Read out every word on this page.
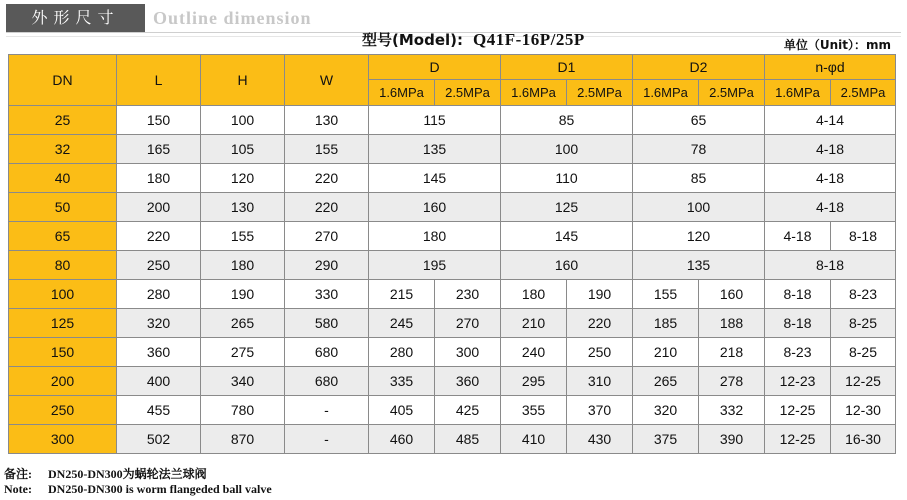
外形尺寸	Outline dimension
型号(Model): Q41F-16P/25P	单位（Unit）：mm
DN	L	H	W	D		D1		D2		n-φd	
				1.6MPa	2.5MPa	1.6MPa	2.5MPa	1.6MPa	2.5MPa	1.6MPa	2.5MPa
25	150	100	130	115		85		65		4-14	
32	165	105	155	135		100		78		4-18	
40	180	120	220	145		110		85		4-18	
50	200	130	220	160		125		100		4-18	
65	220	155	270	180		145		120		4-18	8-18
80	250	180	290	195		160		135		8-18	
100	280	190	330	215	230	180	190	155	160	8-18	8-23
125	320	265	580	245	270	210	220	185	188	8-18	8-25
150	360	275	680	280	300	240	250	210	218	8-23	8-25
200	400	340	680	335	360	295	310	265	278	12-23	12-25
250	455	780	-	405	425	355	370	320	332	12-25	12-30
300	502	870	-	460	485	410	430	375	390	12-25	16-30
备注: DN250-DN300为蜗轮法兰球阀
Note: DN250-DN300 is worm flangeded ball valve
